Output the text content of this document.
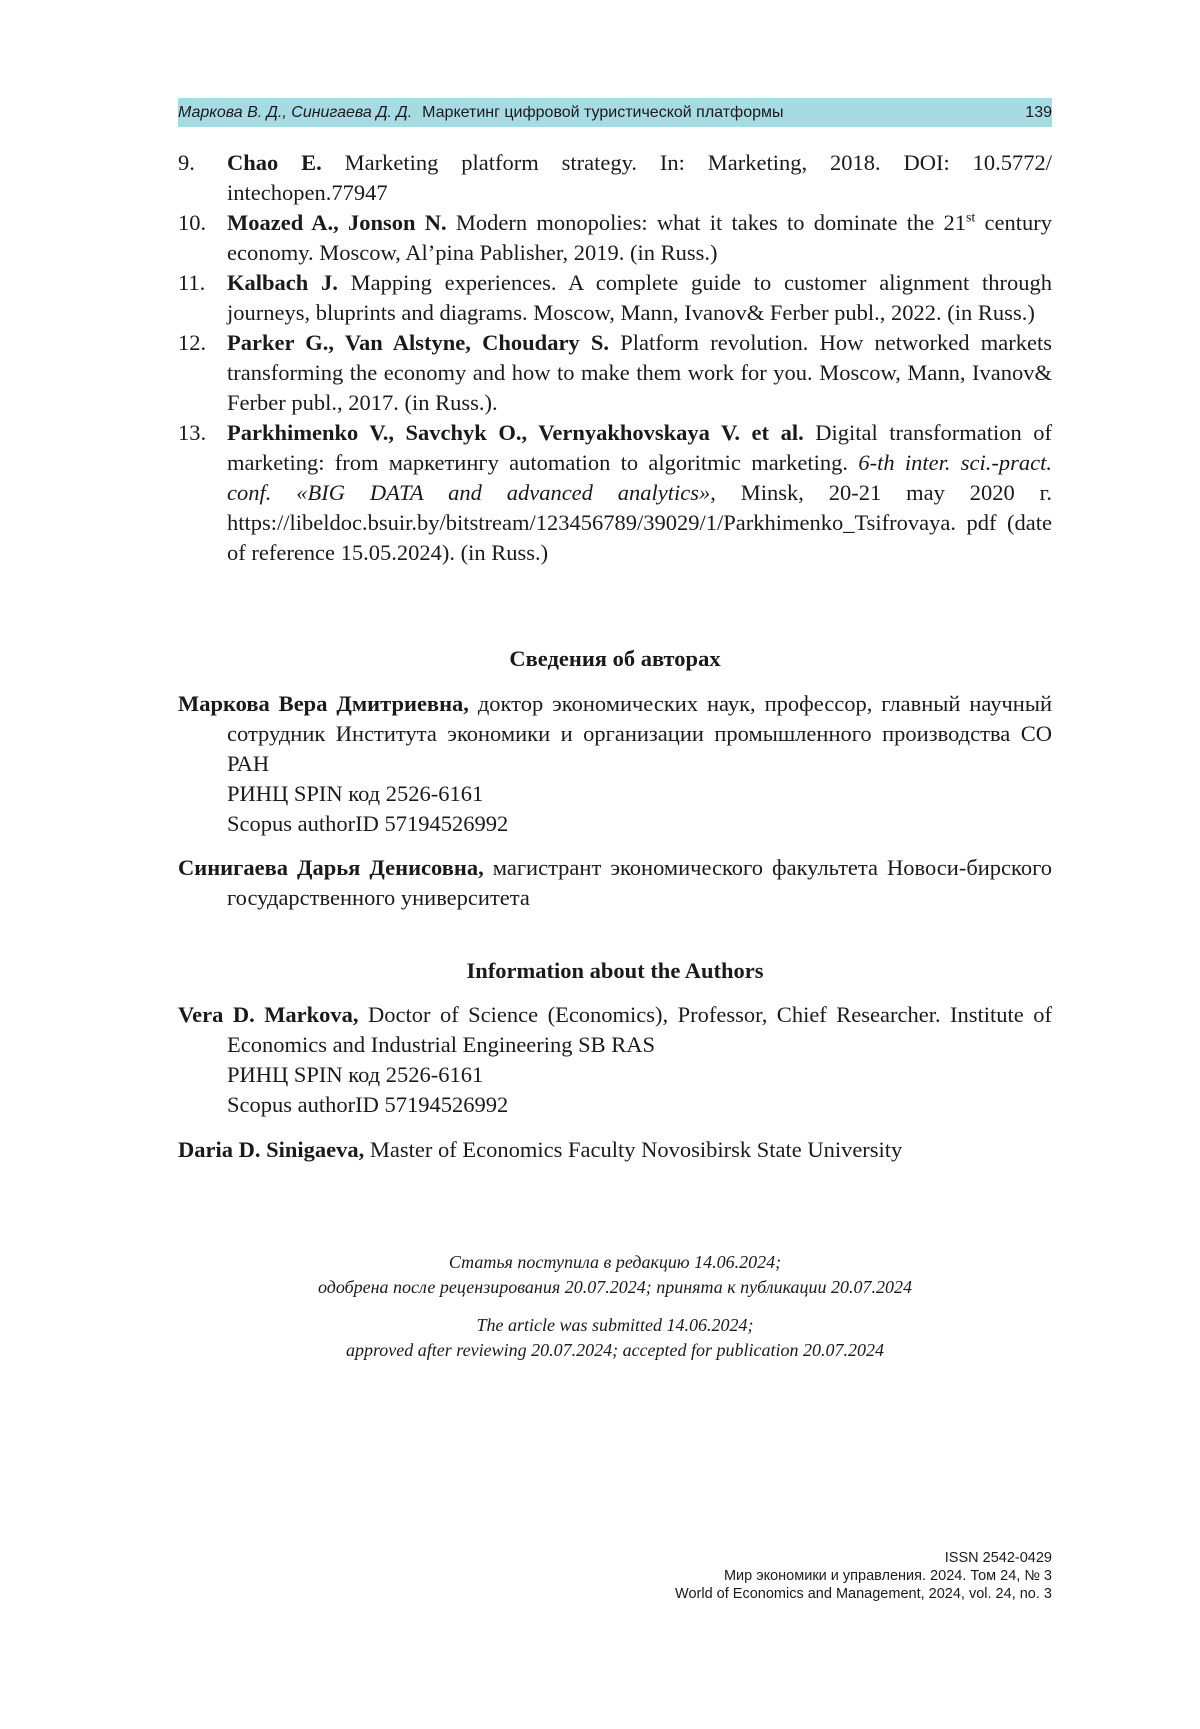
Маркова В. Д., Синигаева Д. Д. Маркетинг цифровой туристической платформы	139
9. Chao E. Marketing platform strategy. In: Marketing, 2018. DOI: 10.5772/ intechopen.77947
10. Moazed A., Jonson N. Modern monopolies: what it takes to dominate the 21st century economy. Moscow, Al’pina Pablisher, 2019. (in Russ.)
11. Kalbach J. Mapping experiences. A complete guide to customer alignment through journeys, bluprints and diagrams. Moscow, Mann, Ivanov& Ferber publ., 2022. (in Russ.)
12. Parker G., Van Alstyne, Choudary S. Platform revolution. How networked markets transforming the economy and how to make them work for you. Moscow, Mann, Ivanov& Ferber publ., 2017. (in Russ.).
13. Parkhimenko V., Savchyk O., Vernyakhovskaya V. et al. Digital transformation of marketing: from маркетингу automation to algoritmic marketing. 6-th inter. sci.-pract. conf. «BIG DATA and advanced analytics», Minsk, 20-21 may 2020 г. https://libeldoc.bsuir.by/bitstream/123456789/39029/1/Parkhimenko_Tsifrovaya. pdf (date of reference 15.05.2024). (in Russ.)
Сведения об авторах
Маркова Вера Дмитриевна, доктор экономических наук, профессор, главный научный сотрудник Института экономики и организации промышленного производства СО РАН
РИНЦ SPIN код 2526-6161
Scopus authorID 57194526992
Синигаева Дарья Денисовна, магистрант экономического факультета Новоси-бирского государственного университета
Information about the Authors
Vera D. Markova, Doctor of Science (Economics), Professor, Chief Researcher. Institute of Economics and Industrial Engineering SB RAS
РИНЦ SPIN код 2526-6161
Scopus authorID 57194526992
Daria D. Sinigaeva, Master of Economics Faculty Novosibirsk State University
Статья поступила в редакцию 14.06.2024;
одобрена после рецензирования 20.07.2024; принята к публикации 20.07.2024
The article was submitted 14.06.2024;
approved after reviewing 20.07.2024; accepted for publication 20.07.2024
ISSN 2542-0429
Мир экономики и управления. 2024. Том 24, № 3
World of Economics and Management, 2024, vol. 24, no. 3
